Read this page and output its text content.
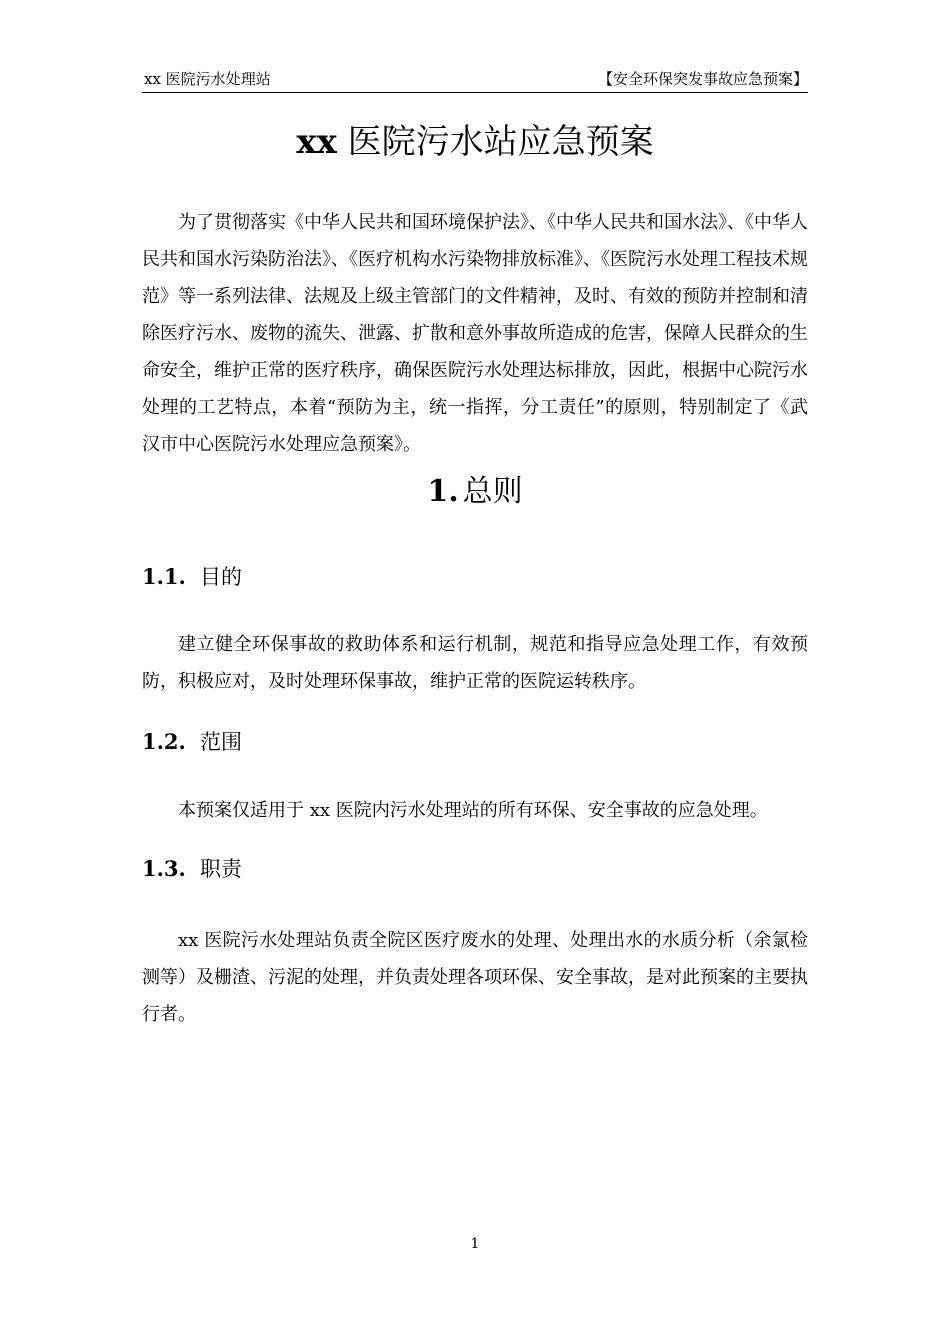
xx 医院污水处理站	【安全环保突发事故应急预案】
xx 医院污水站应急预案

为了贯彻落实《中华人民共和国环境保护法》、《中华人民共和国水法》、《中华人民共和国水污染防治法》、《医疗机构水污染物排放标准》、《医院污水处理工程技术规范》等一系列法律、法规及上级主管部门的文件精神，及时、有效的预防并控制和清除医疗污水、废物的流失、泄露、扩散和意外事故所造成的危害，保障人民群众的生命安全，维护正常的医疗秩序，确保医院污水处理达标排放，因此，根据中心院污水处理的工艺特点，本着“预防为主，统一指挥，分工责任”的原则，特别制定了《武汉市中心医院污水处理应急预案》。

1. 总则
1.1. 目的

建立健全环保事故的救助体系和运行机制，规范和指导应急处理工作，有效预防，积极应对，及时处理环保事故，维护正常的医院运转秩序。

1.2. 范围

本预案仅适用于 xx 医院内污水处理站的所有环保、安全事故的应急处理。

1.3. 职责

xx 医院污水处理站负责全院区医疗废水的处理、处理出水的水质分析（余氯检测等）及栅渣、污泥的处理，并负责处理各项环保、安全事故，是对此预案的主要执行者。

1
